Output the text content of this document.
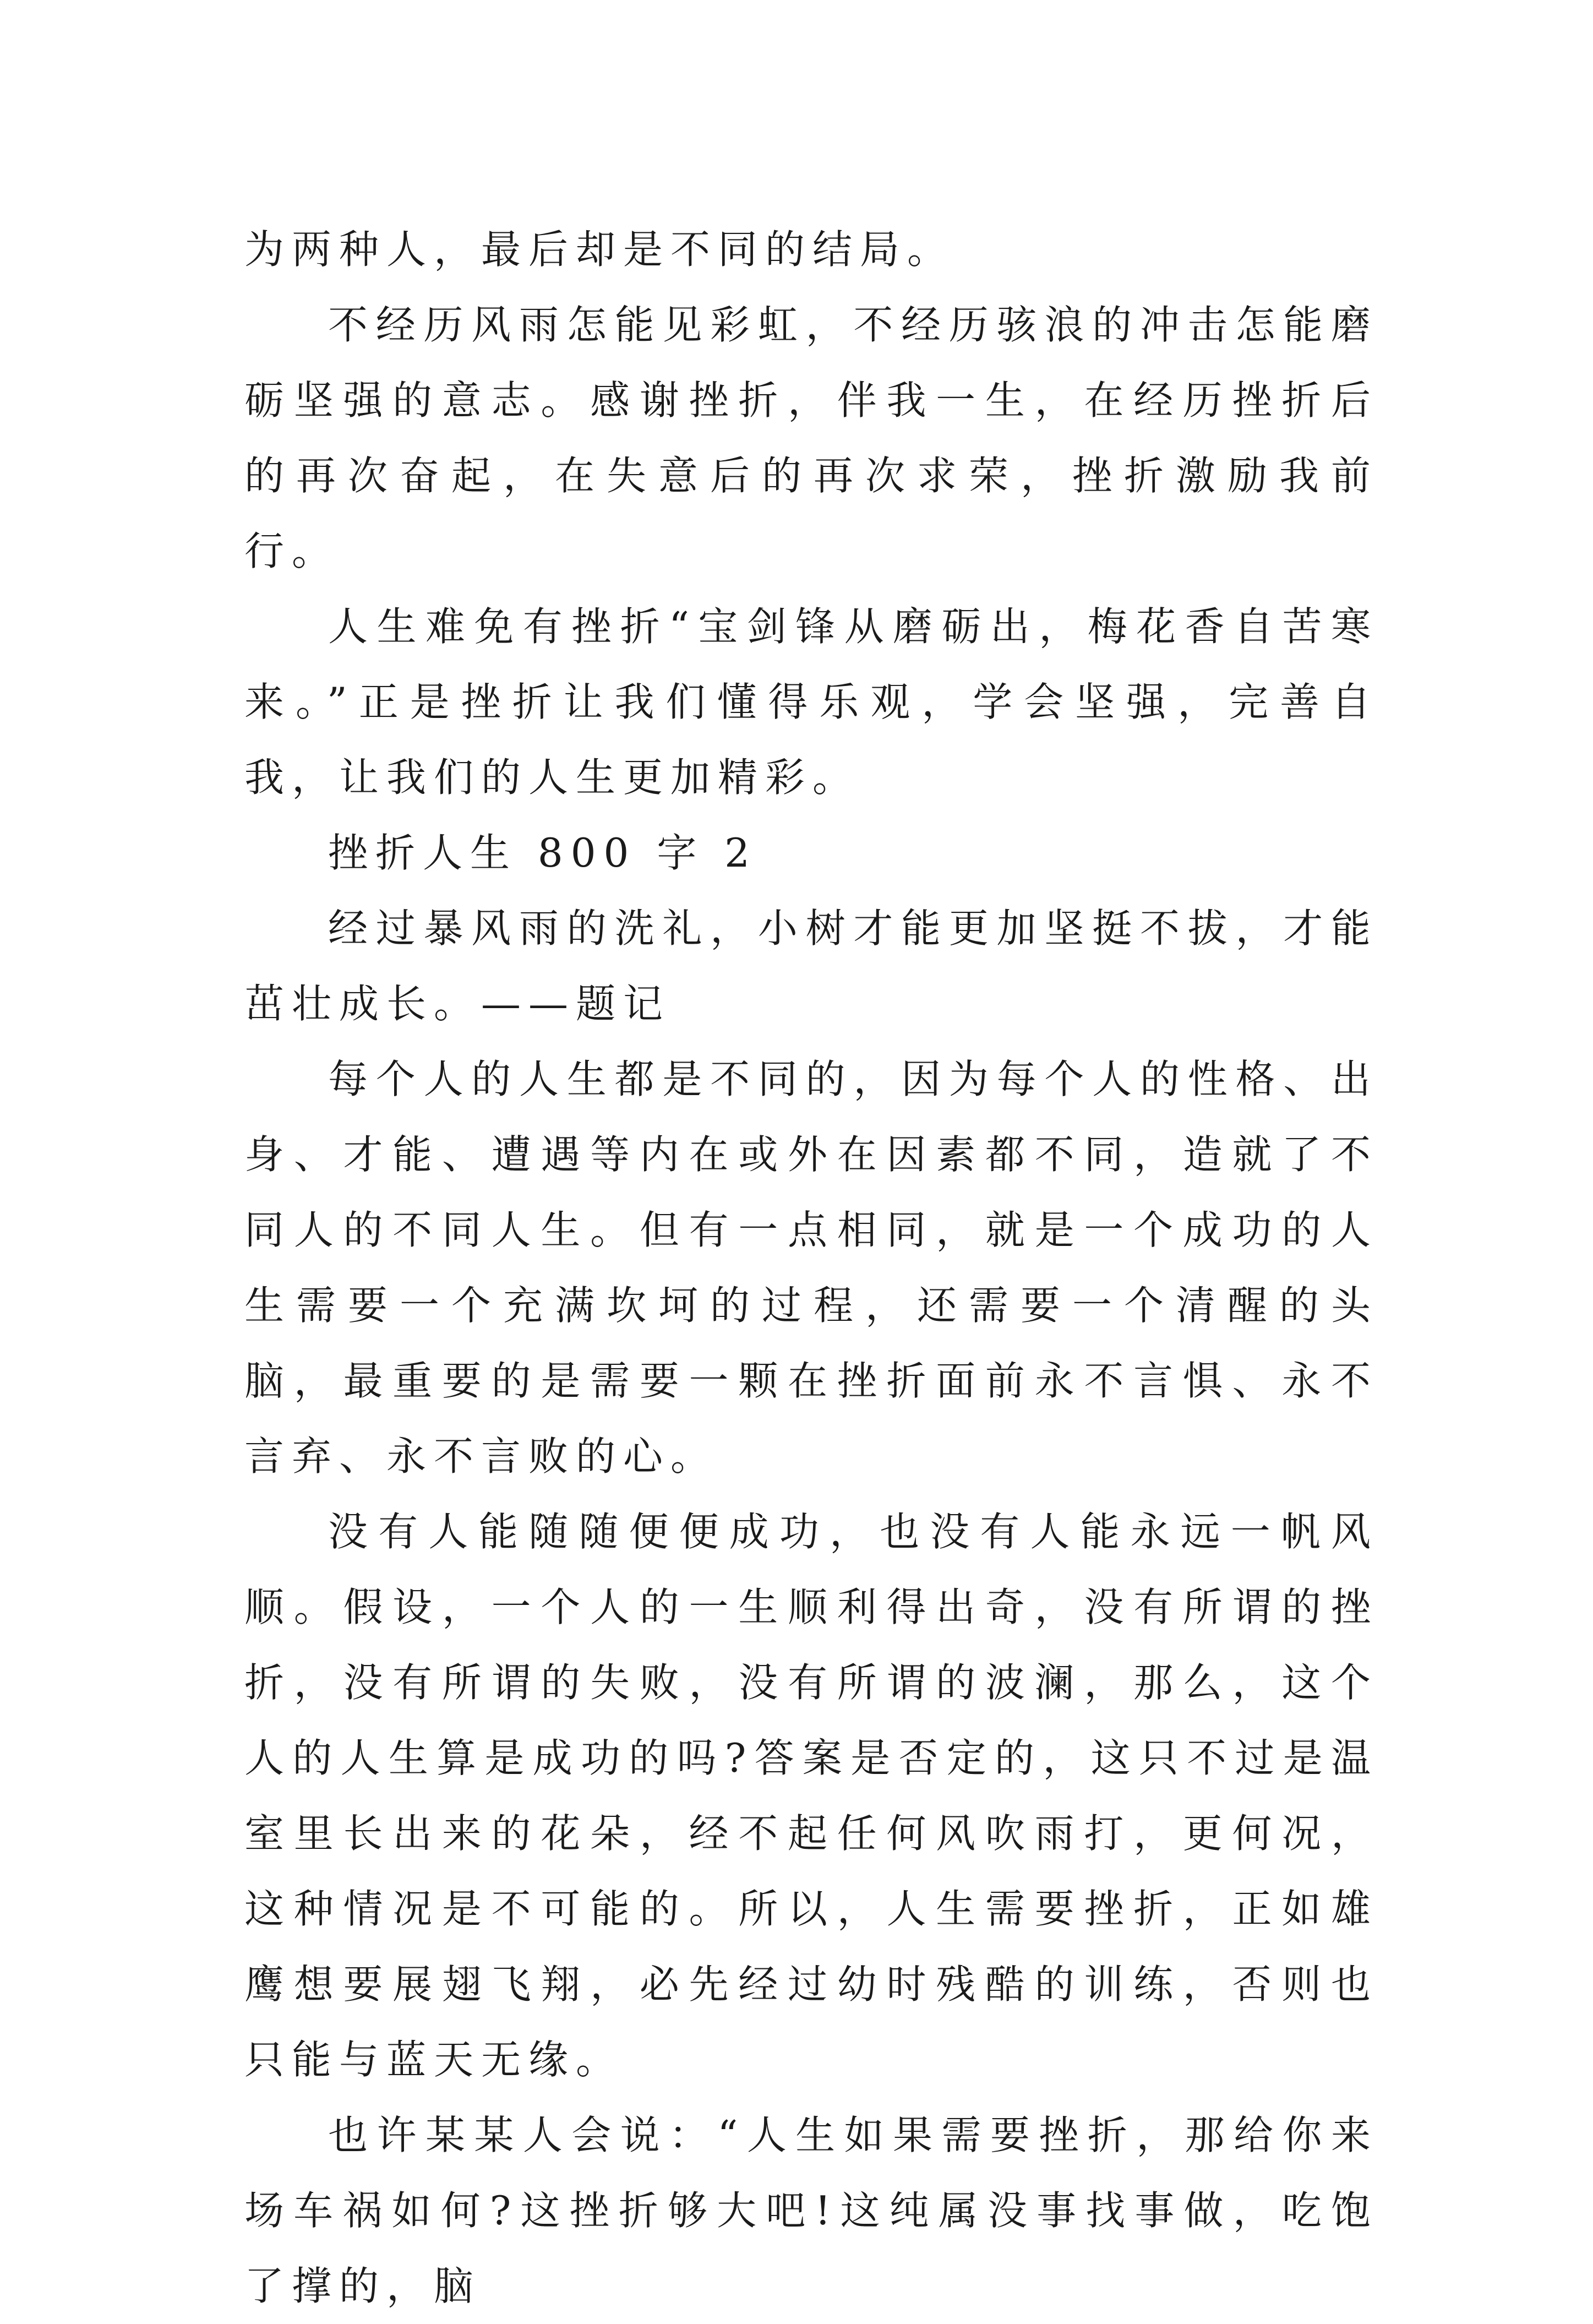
为两种人，最后却是不同的结局。

不经历风雨怎能见彩虹，不经历骇浪的冲击怎能磨砺坚强的意志。感谢挫折，伴我一生，在经历挫折后的再次奋起，在失意后的再次求荣，挫折激励我前行。

人生难免有挫折“宝剑锋从磨砺出，梅花香自苦寒来。”正是挫折让我们懂得乐观，学会坚强，完善自我，让我们的人生更加精彩。

挫折人生 800 字 2

经过暴风雨的洗礼，小树才能更加坚挺不拔，才能茁壮成长。——题记

每个人的人生都是不同的，因为每个人的性格、出身、才能、遭遇等内在或外在因素都不同，造就了不同人的不同人生。但有一点相同，就是一个成功的人生需要一个充满坎坷的过程，还需要一个清醒的头脑，最重要的是需要一颗在挫折面前永不言惧、永不言弃、永不言败的心。

没有人能随随便便成功，也没有人能永远一帆风顺。假设，一个人的一生顺利得出奇，没有所谓的挫折，没有所谓的失败，没有所谓的波澜，那么，这个人的人生算是成功的吗?答案是否定的，这只不过是温室里长出来的花朵，经不起任何风吹雨打，更何况，这种情况是不可能的。所以，人生需要挫折，正如雄鹰想要展翅飞翔，必先经过幼时残酷的训练，否则也只能与蓝天无缘。

也许某某人会说：“人生如果需要挫折，那给你来场车祸如何?这挫折够大吧!这纯属没事找事做，吃饱了撑的，脑
